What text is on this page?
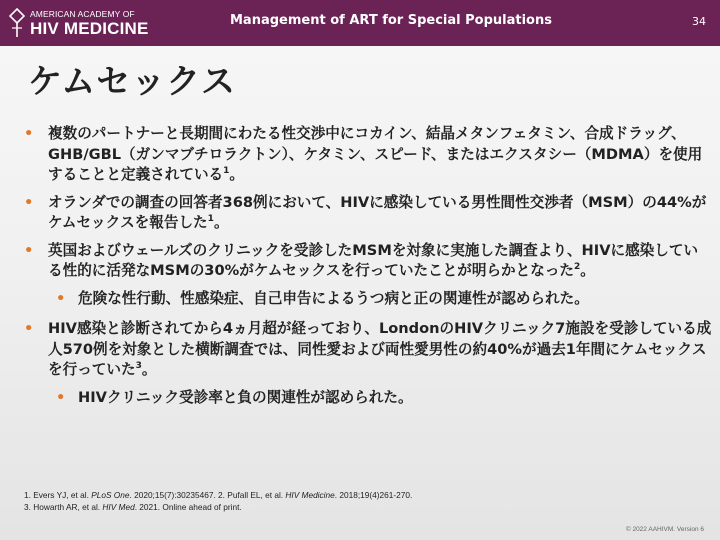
AMERICAN ACADEMY OF
HIV MEDICINE	Management of ART for Special Populations	34
ケムセックス
• 複数のパートナーと長期間にわたる性交渉中にコカイン、結晶メタンフェタミン、合成ドラッグ、GHB/GBL（ガンマブチロラクトン）、ケタミン、スピード、またはエクスタシー（MDMA）を使用することと定義されている$^1$。
• オランダでの調査の回答者368例において、HIVに感染している男性間性交渉者（MSM）の44%がケムセックスを報告した$^1$。
• 英国およびウェールズのクリニックを受診したMSMを対象に実施した調査より、HIVに感染している性的に活発なMSMの30%がケムセックスを行っていたことが明らかとなった$^2$。
• 危険な性行動、性感染症、自己申告によるうつ病と正の関連性が認められた。
• HIV感染と診断されてから4ヵ月超が経っており、LondonのHIVクリニック7施設を受診している成人570例を対象とした横断調査では、同性愛および両性愛男性の約40%が過去1年間にケムセックスを行っていた$^3$。
• HIVクリニック受診率と負の関連性が認められた。
1. Evers YJ, et al. PLoS One. 2020;15(7):30235467. 2. Pufall EL, et al. HIV Medicine. 2018;19(4)261-270.
3. Howarth AR, et al. HIV Med. 2021. Online ahead of print.
© 2022 AAHIVM. Version 6
